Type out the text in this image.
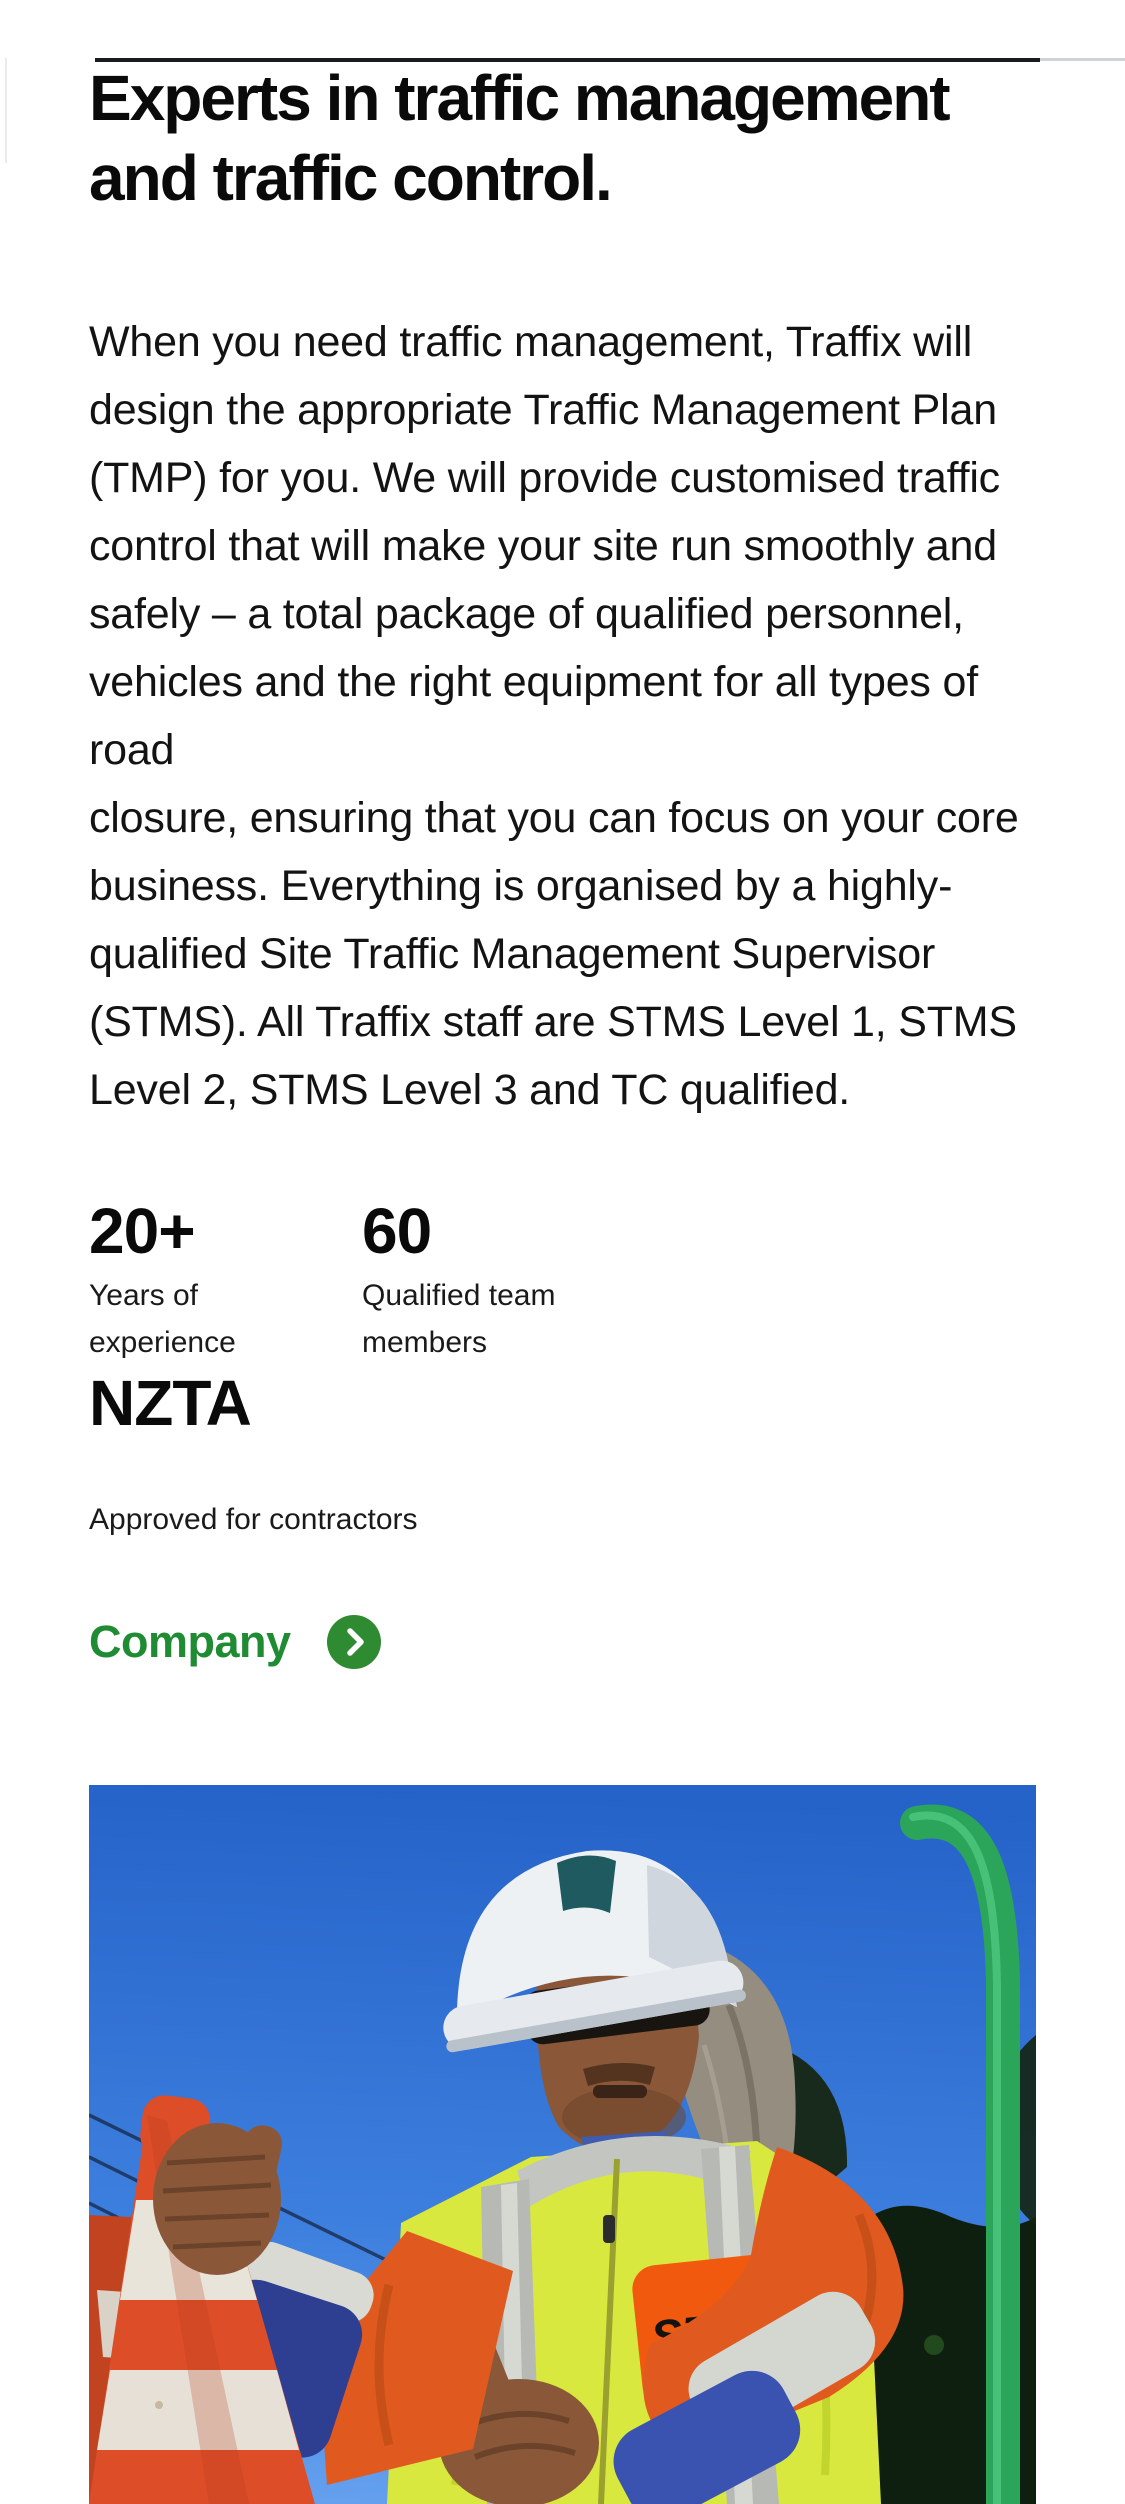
Experts in traffic management
and traffic control.

When you need traffic management, Traffix will
design the appropriate Traffic Management Plan
(TMP) for you. We will provide customised traffic
control that will make your site run smoothly and
safely – a total package of qualified personnel,
vehicles and the right equipment for all types of road
closure, ensuring that you can focus on your core
business. Everything is organised by a highly-
qualified Site Traffic Management Supervisor
(STMS). All Traffix staff are STMS Level 1, STMS
Level 2, STMS Level 3 and TC qualified.

20+
Years of
experience
60
Qualified team
members
NZTA
Approved for contractors
Company
